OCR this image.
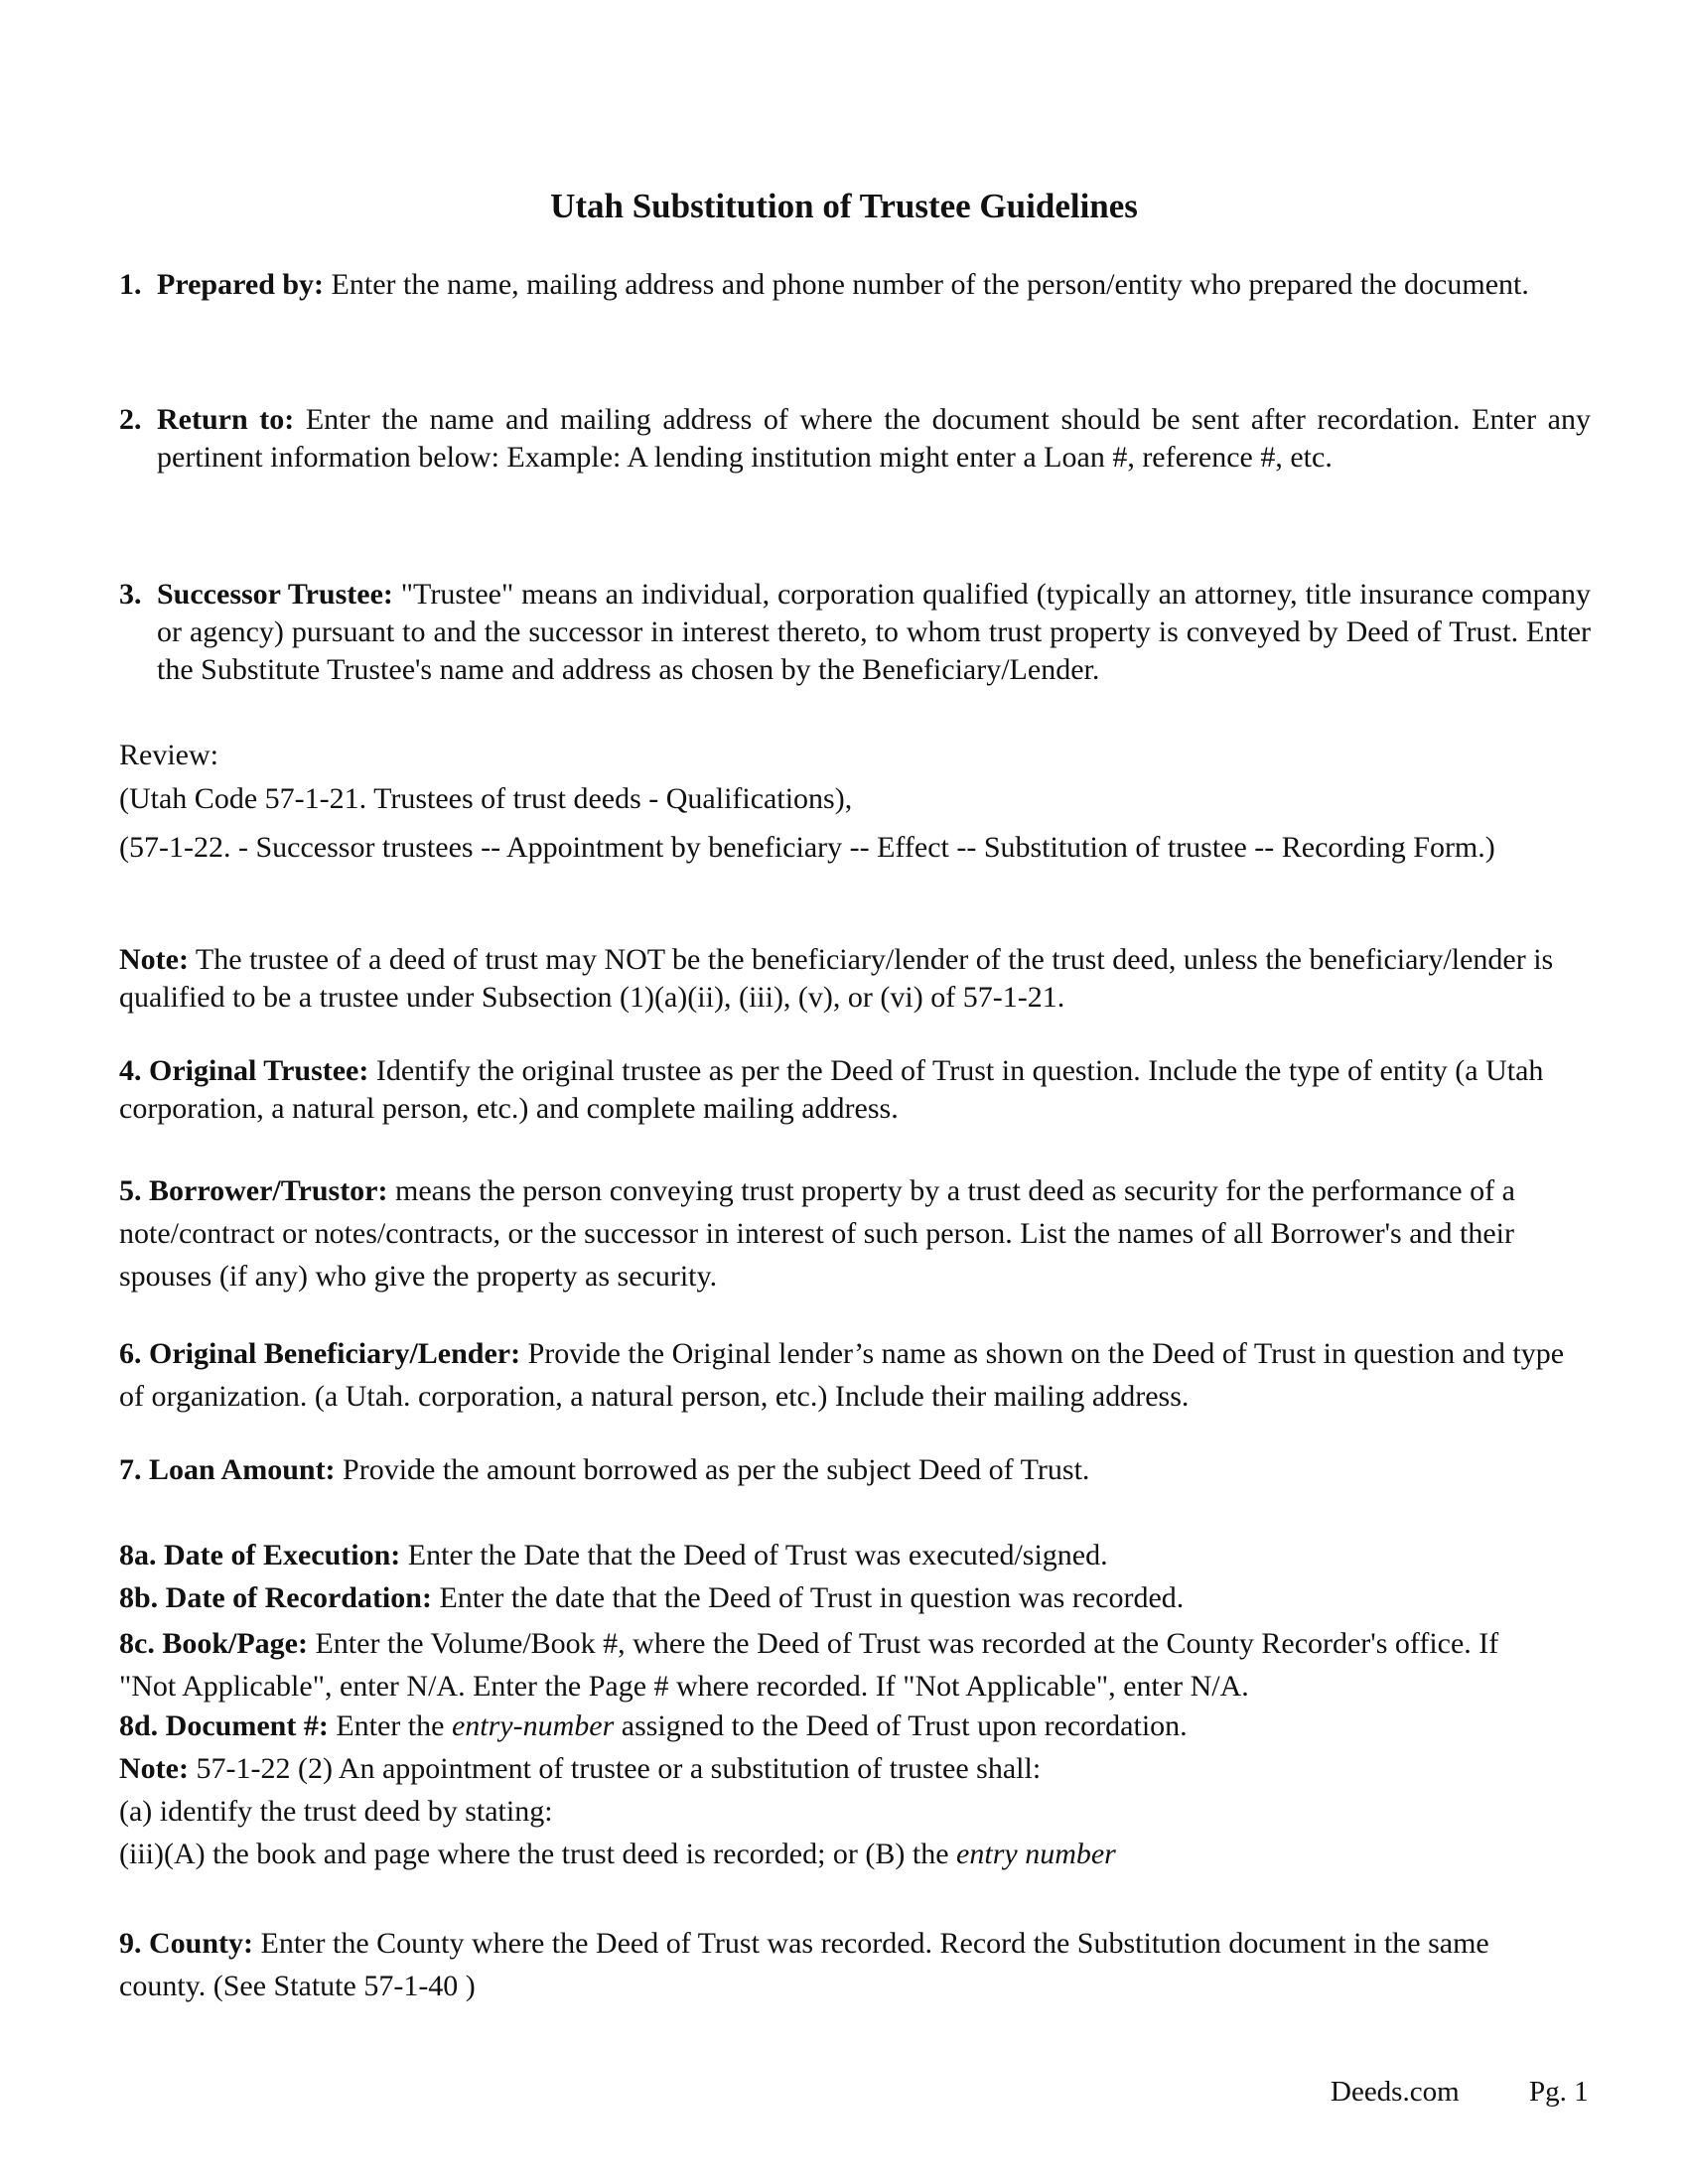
Utah Substitution of Trustee Guidelines
1. Prepared by: Enter the name, mailing address and phone number of the person/entity who prepared the document.
2. Return to: Enter the name and mailing address of where the document should be sent after recordation. Enter any pertinent information below: Example: A lending institution might enter a Loan #, reference #, etc.
3. Successor Trustee: "Trustee" means an individual, corporation qualified (typically an attorney, title insurance company or agency) pursuant to and the successor in interest thereto, to whom trust property is conveyed by Deed of Trust. Enter the Substitute Trustee's name and address as chosen by the Beneficiary/Lender.
Review:
(Utah Code 57-1-21. Trustees of trust deeds - Qualifications),
(57-1-22. - Successor trustees -- Appointment by beneficiary -- Effect -- Substitution of trustee -- Recording Form.)
Note: The trustee of a deed of trust may NOT be the beneficiary/lender of the trust deed, unless the beneficiary/lender is qualified to be a trustee under Subsection (1)(a)(ii), (iii), (v), or (vi) of 57-1-21.
4. Original Trustee: Identify the original trustee as per the Deed of Trust in question. Include the type of entity (a Utah corporation, a natural person, etc.) and complete mailing address.
5. Borrower/Trustor: means the person conveying trust property by a trust deed as security for the performance of a note/contract or notes/contracts, or the successor in interest of such person. List the names of all Borrower's and their spouses (if any) who give the property as security.
6. Original Beneficiary/Lender: Provide the Original lender’s name as shown on the Deed of Trust in question and type of organization. (a Utah. corporation, a natural person, etc.) Include their mailing address.
7. Loan Amount: Provide the amount borrowed as per the subject Deed of Trust.
8a. Date of Execution: Enter the Date that the Deed of Trust was executed/signed.
8b. Date of Recordation: Enter the date that the Deed of Trust in question was recorded.
8c. Book/Page: Enter the Volume/Book #, where the Deed of Trust was recorded at the County Recorder's office. If "Not Applicable", enter N/A. Enter the Page # where recorded. If "Not Applicable", enter N/A.
8d. Document #: Enter the entry-number assigned to the Deed of Trust upon recordation.
Note: 57-1-22 (2) An appointment of trustee or a substitution of trustee shall:
(a) identify the trust deed by stating:
(iii)(A) the book and page where the trust deed is recorded; or (B) the entry number
9. County: Enter the County where the Deed of Trust was recorded. Record the Substitution document in the same county. (See Statute 57-1-40 )
Deeds.com Pg. 1
